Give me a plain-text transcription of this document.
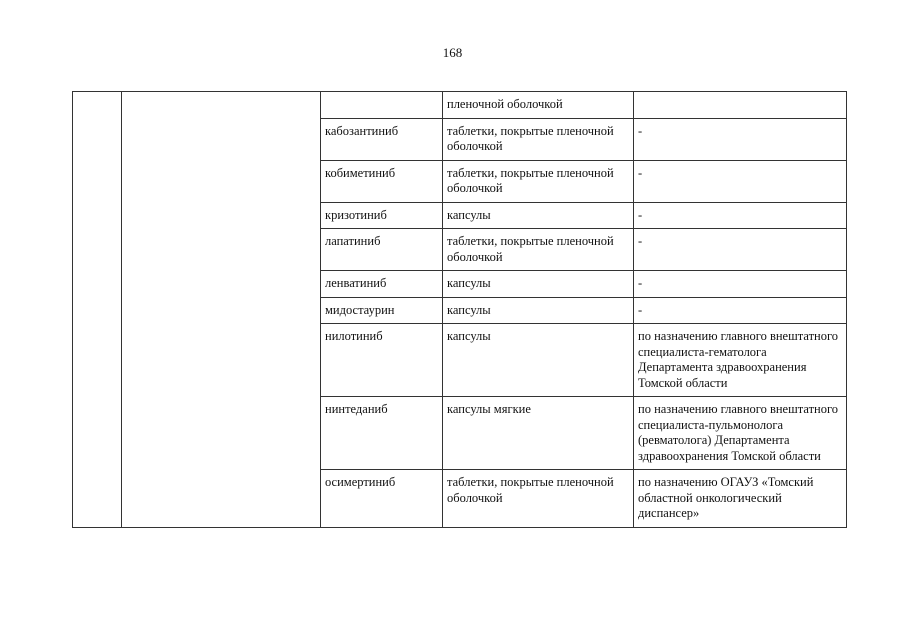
168
			пленочной оболочкой	
		кабозантиниб	таблетки, покрытые пленочной оболочкой	-
		кобиметиниб	таблетки, покрытые пленочной оболочкой	-
		кризотиниб	капсулы	-
		лапатиниб	таблетки, покрытые пленочной оболочкой	-
		ленватиниб	капсулы	-
		мидостаурин	капсулы	-
		нилотиниб	капсулы	по назначению главного внештатного специалиста-гематолога Департамента здравоохранения Томской области
		нинтеданиб	капсулы мягкие	по назначению главного внештатного специалиста-пульмонолога (ревматолога) Департамента здравоохранения Томской области
		осимертиниб	таблетки, покрытые пленочной оболочкой	по назначению ОГАУЗ «Томский областной онкологический диспансер»
